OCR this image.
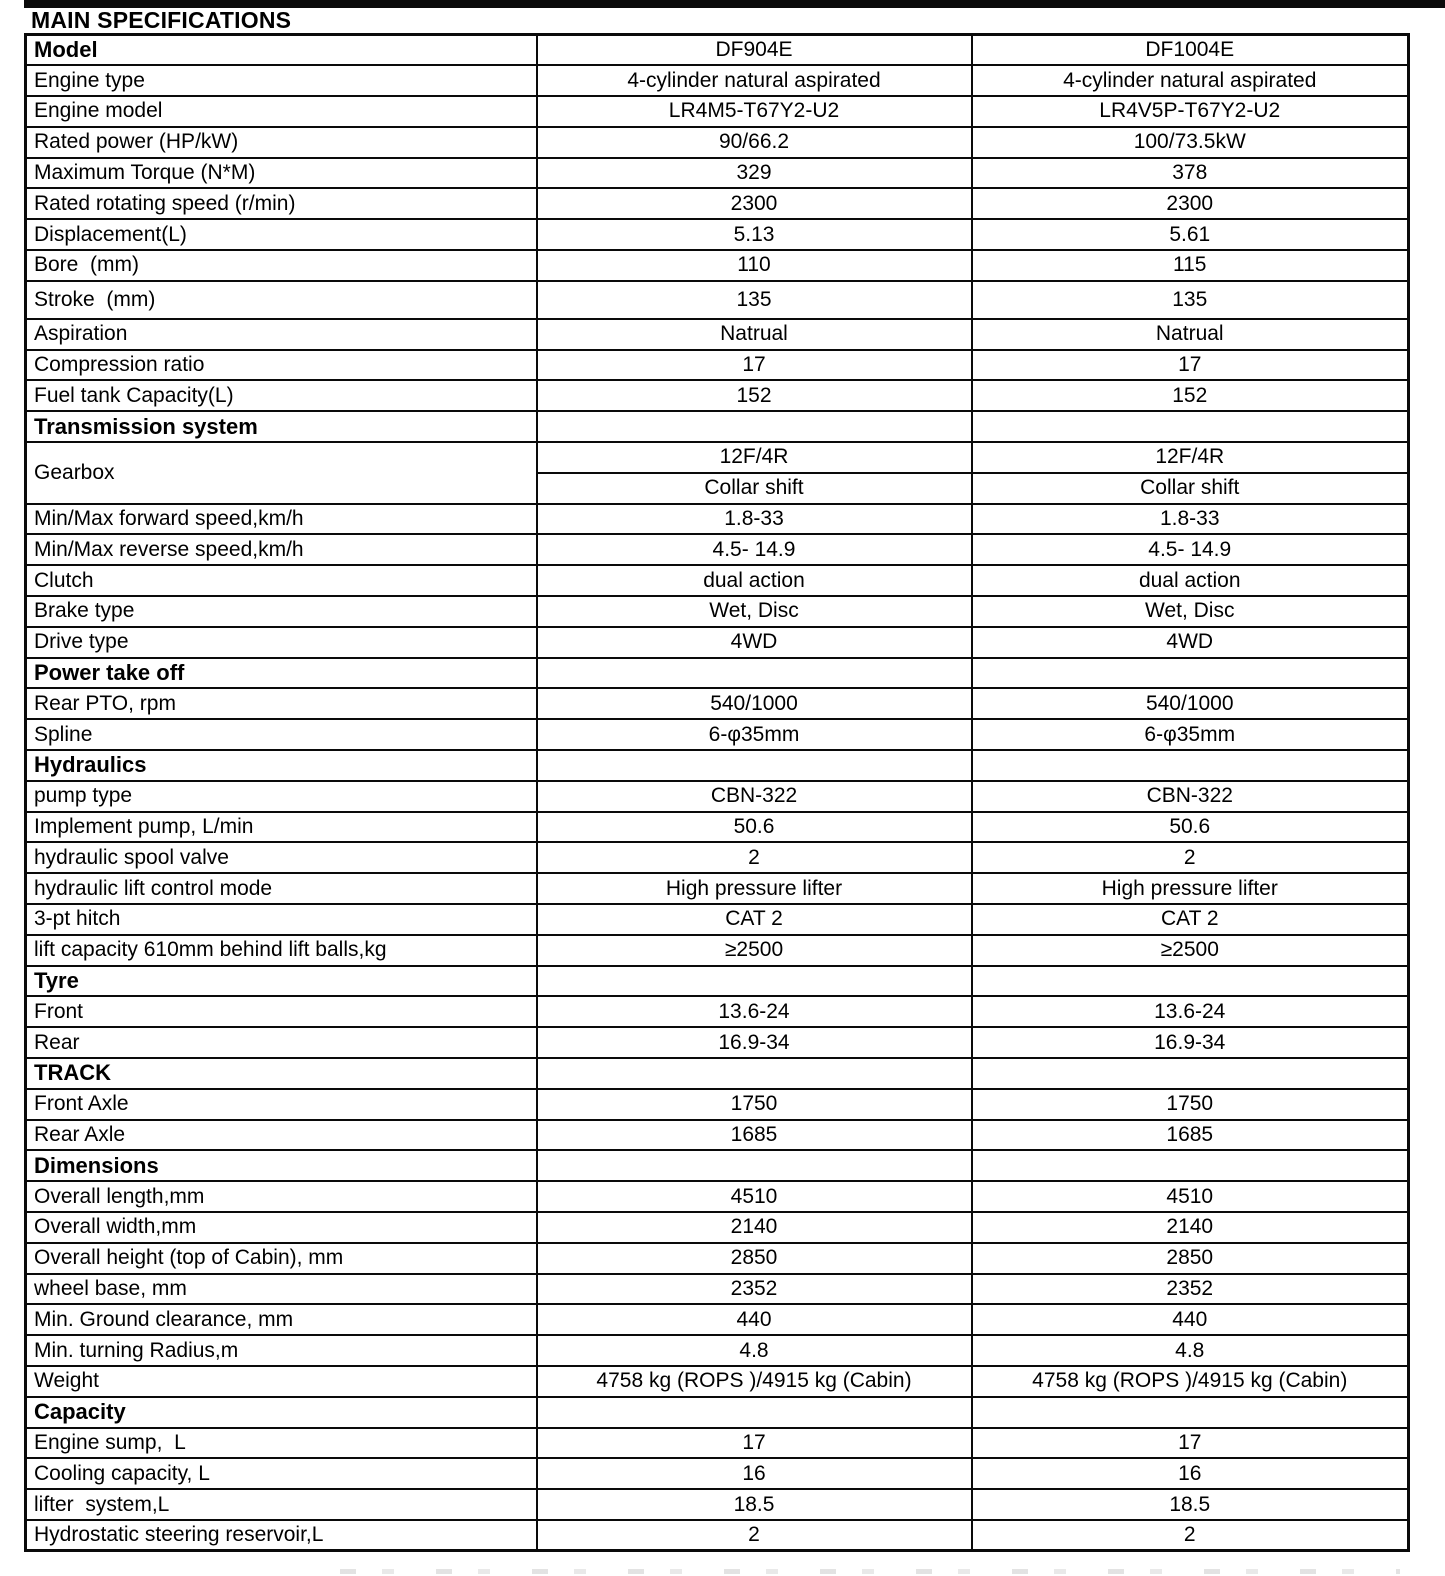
MAIN SPECIFICATIONS
Model	DF904E	DF1004E
Engine type	4-cylinder natural aspirated	4-cylinder natural aspirated
Engine model	LR4M5-T67Y2-U2	LR4V5P-T67Y2-U2
Rated power (HP/kW)	90/66.2	100/73.5kW
Maximum Torque (N*M)	329	378
Rated rotating speed (r/min)	2300	2300
Displacement(L)	5.13	5.61
Bore  (mm)	110	115
Stroke  (mm)	135	135
Aspiration	Natrual	Natrual
Compression ratio	17	17
Fuel tank Capacity(L)	152	152
Transmission system		
Gearbox	12F/4R	12F/4R
	Collar shift	Collar shift
Min/Max forward speed,km/h	1.8-33	1.8-33
Min/Max reverse speed,km/h	4.5- 14.9	4.5- 14.9
Clutch	dual action	dual action
Brake type	Wet, Disc	Wet, Disc
Drive type	4WD	4WD
Power take off		
Rear PTO, rpm	540/1000	540/1000
Spline	6-φ35mm	6-φ35mm
Hydraulics		
pump type	CBN-322	CBN-322
Implement pump, L/min	50.6	50.6
hydraulic spool valve	2	2
hydraulic lift control mode	High pressure lifter	High pressure lifter
3-pt hitch	CAT 2	CAT 2
lift capacity 610mm behind lift balls,kg	≥2500	≥2500
Tyre		
Front	13.6-24	13.6-24
Rear	16.9-34	16.9-34
TRACK		
Front Axle	1750	1750
Rear Axle	1685	1685
Dimensions		
Overall length,mm	4510	4510
Overall width,mm	2140	2140
Overall height (top of Cabin), mm	2850	2850
wheel base, mm	2352	2352
Min. Ground clearance, mm	440	440
Min. turning Radius,m	4.8	4.8
Weight	4758 kg (ROPS )/4915 kg (Cabin)	4758 kg (ROPS )/4915 kg (Cabin)
Capacity		
Engine sump,  L	17	17
Cooling capacity, L	16	16
lifter  system,L	18.5	18.5
Hydrostatic steering reservoir,L	2	2
